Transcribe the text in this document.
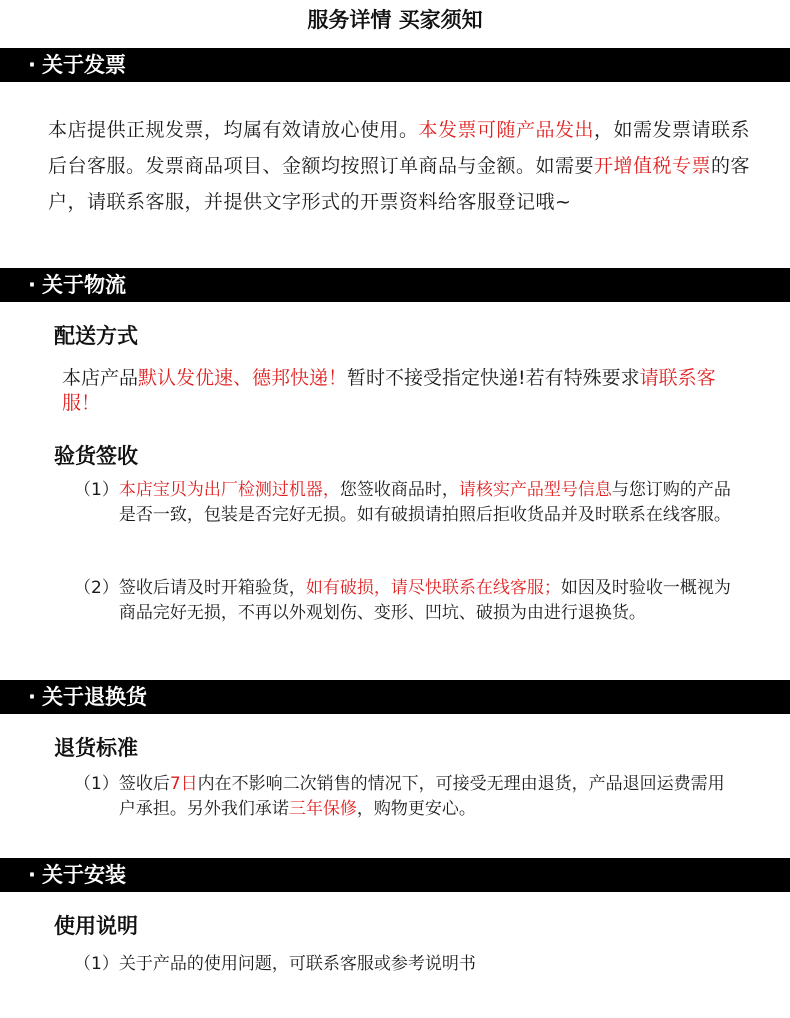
服务详情 买家须知
· 关于发票
本店提供正规发票，均属有效请放心使用。本发票可随产品发出，如需发票请联系后台客服。发票商品项目、金额均按照订单商品与金额。如需要开增值税专票的客户，请联系客服，并提供文字形式的开票资料给客服登记哦~
· 关于物流
配送方式
本店产品默认发优速、德邦快递！暂时不接受指定快递!若有特殊要求请联系客服！
验货签收
（1） 本店宝贝为出厂检测过机器，您签收商品时，请核实产品型号信息与您订购的产品是否一致，包装是否完好无损。如有破损请拍照后拒收货品并及时联系在线客服。
（2） 签收后请及时开箱验货，如有破损，请尽快联系在线客服；如因及时验收一概视为商品完好无损，不再以外观划伤、变形、凹坑、破损为由进行退换货。
· 关于退换货
退货标准
（1） 签收后7日内在不影响二次销售的情况下，可接受无理由退货，产品退回运费需用户承担。另外我们承诺三年保修，购物更安心。
· 关于安装
使用说明
（1） 关于产品的使用问题，可联系客服或参考说明书
